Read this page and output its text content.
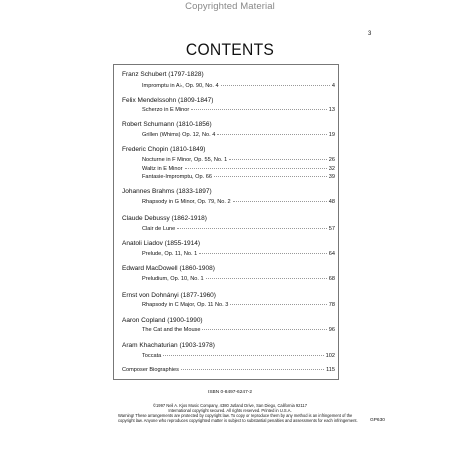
Copyrighted Material
3
CONTENTS
Franz Schubert (1797-1828)
Impromptu in A♭, Op. 90, No. 4	4
Felix Mendelssohn (1809-1847)
Scherzo in E Minor	13
Robert Schumann (1810-1856)
Grillen (Whims) Op. 12, No. 4	19
Frederic Chopin (1810-1849)
Nocturne in F Minor, Op. 55, No. 1	26
Waltz in E Minor	32
Fantasie-Impromptu, Op. 66	39
Johannes Brahms (1833-1897)
Rhapsody in G Minor, Op. 79, No. 2	48
Claude Debussy (1862-1918)
Clair de Lune	57
Anatoli Liadov (1855-1914)
Prelude, Op. 11, No. 1	64
Edward MacDowell (1860-1908)
Preludium, Op. 10, No. 1	68
Ernst von Dohnányi (1877-1960)
Rhapsody in C Major, Op. 11 No. 3	78
Aaron Copland (1900-1990)
The Cat and the Mouse	96
Aram Khachaturian (1903-1978)
Toccata	102
Composer Biographies	115
ISBN 0-8497-6247-2
©1997 Neil A. Kjos Music Company, 4380 Jutland Drive, San Diego, California 92117
International copyright secured. All rights reserved. Printed in U.S.A.
Warning! These arrangements are protected by copyright law. To copy or reproduce them by any method is an infringement of the
copyright law. Anyone who reproduces copyrighted matter is subject to substantial penalties and assessments for each infringement.	GP630
